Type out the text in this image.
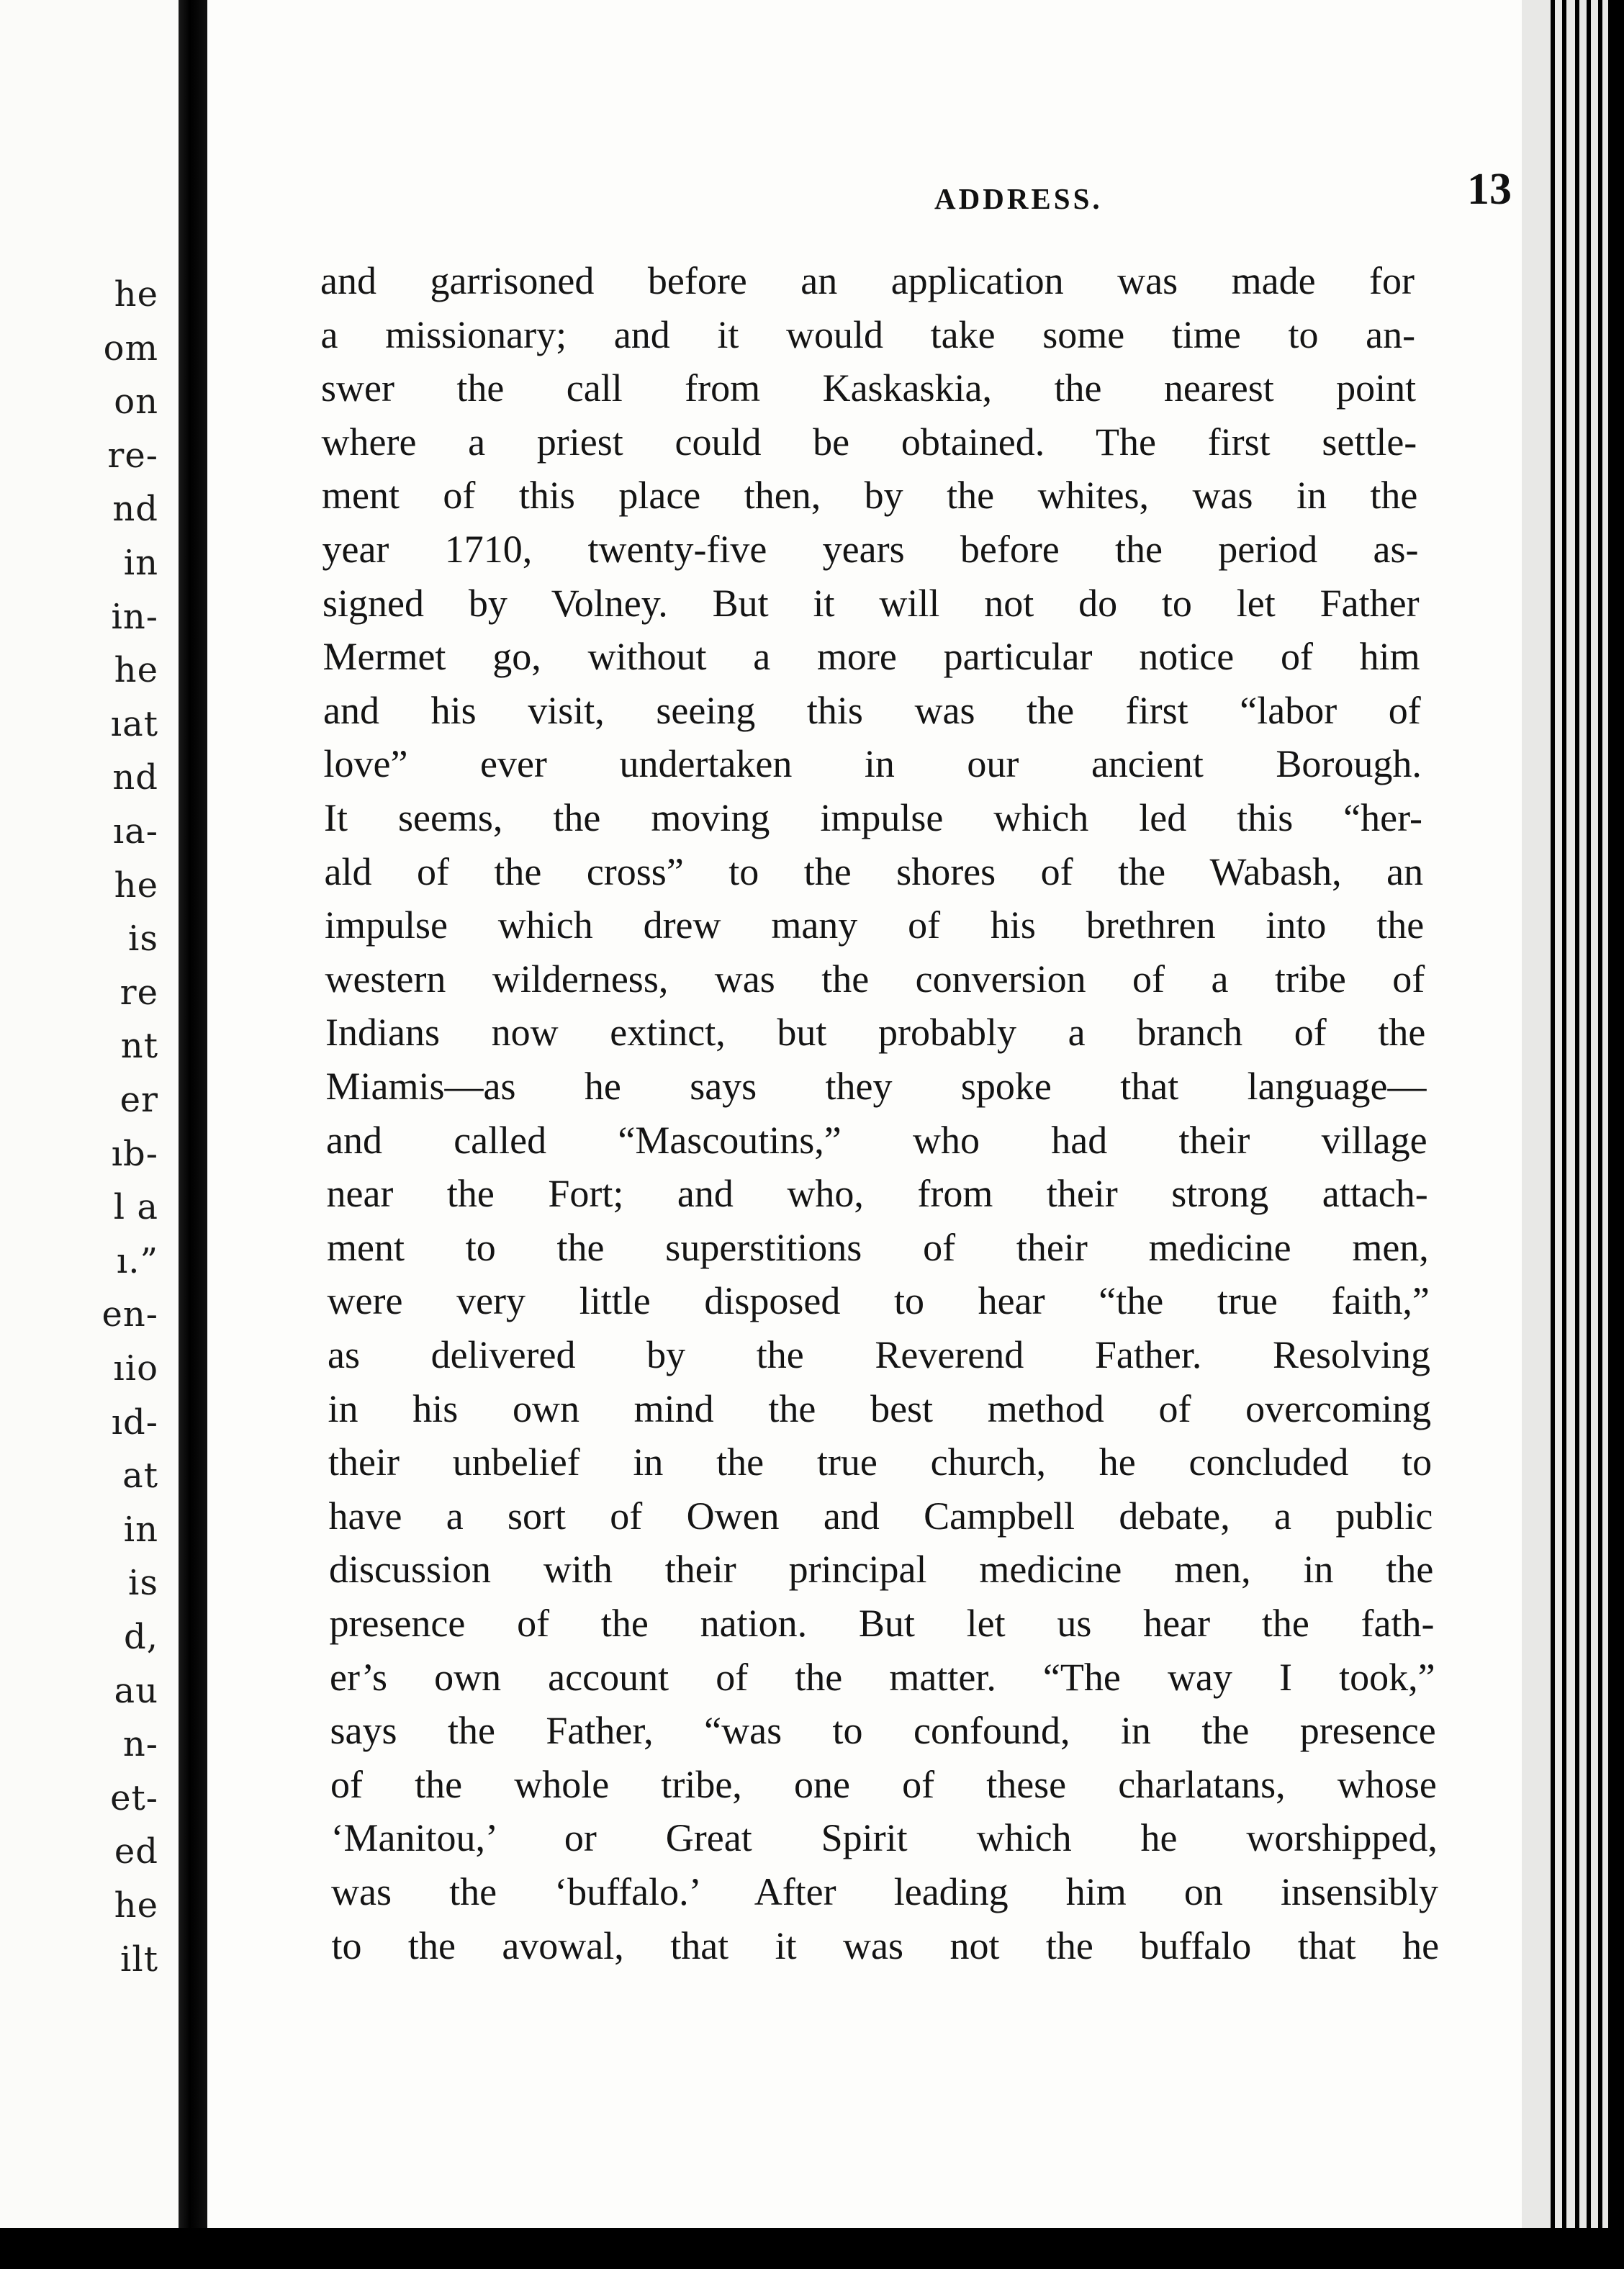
he
om
on
re-
nd
in
in-
he
ıat
nd
ıa-
he
is
re
nt
er
ıb-
l a
ı.”
en-
ıio
ıd-
at
in
is
d,
au
n-
et-
ed
he
ilt
ADDRESS.	13
and garrisoned before an application was made for
a missionary; and it would take some time to an-
swer the call from Kaskaskia, the nearest point
where a priest could be obtained. The first settle-
ment of this place then, by the whites, was in the
year 1710, twenty-five years before the period as-
signed by Volney. But it will not do to let Father
Mermet go, without a more particular notice of him
and his visit, seeing this was the first “labor of
love” ever undertaken in our ancient Borough.
It seems, the moving impulse which led this “her-
ald of the cross” to the shores of the Wabash, an
impulse which drew many of his brethren into the
western wilderness, was the conversion of a tribe of
Indians now extinct, but probably a branch of the
Miamis—as he says they spoke that language—
and called “Mascoutins,” who had their village
near the Fort; and who, from their strong attach-
ment to the superstitions of their medicine men,
were very little disposed to hear “the true faith,”
as delivered by the Reverend Father. Resolving
in his own mind the best method of overcoming
their unbelief in the true church, he concluded to
have a sort of Owen and Campbell debate, a public
discussion with their principal medicine men, in the
presence of the nation. But let us hear the fath-
er’s own account of the matter. “The way I took,”
says the Father, “was to confound, in the presence
of the whole tribe, one of these charlatans, whose
‘Manitou,’ or Great Spirit which he worshipped,
was the ‘buffalo.’ After leading him on insensibly
to the avowal, that it was not the buffalo that he
